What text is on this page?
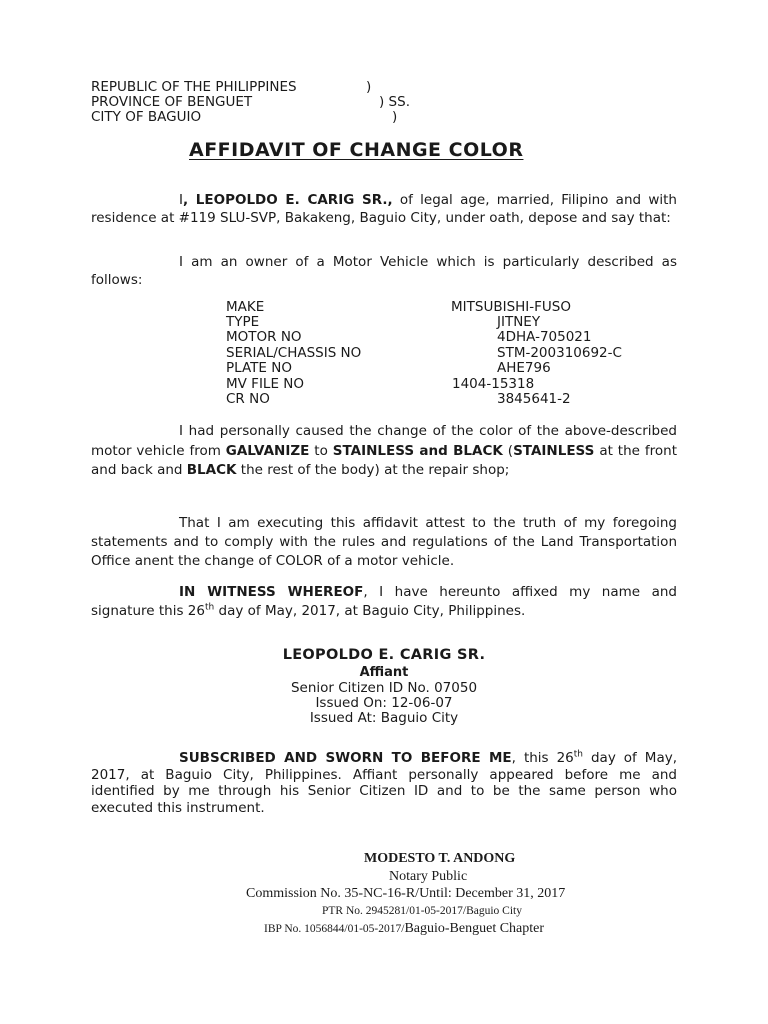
REPUBLIC OF THE PHILIPPINES	)
PROVINCE OF BENGUET	) SS.
CITY OF BAGUIO	)
AFFIDAVIT OF CHANGE COLOR
I, LEOPOLDO E. CARIG SR., of legal age, married, Filipino and with residence at #119 SLU-SVP, Bakakeng, Baguio City, under oath, depose and say that:
I am an owner of a Motor Vehicle which is particularly described as follows:
MAKE	MITSUBISHI-FUSO
TYPE	JITNEY
MOTOR NO	4DHA-705021
SERIAL/CHASSIS NO	STM-200310692-C
PLATE NO	AHE796
MV FILE NO	1404-15318
CR NO	3845641-2
I had personally caused the change of the color of the above-described motor vehicle from GALVANIZE to STAINLESS and BLACK (STAINLESS at the front and back and BLACK the rest of the body) at the repair shop;
That I am executing this affidavit attest to the truth of my foregoing statements and to comply with the rules and regulations of the Land Transportation Office anent the change of COLOR of a motor vehicle.
IN WITNESS WHEREOF, I have hereunto affixed my name and signature this 26th day of May, 2017, at Baguio City, Philippines.
LEOPOLDO E. CARIG SR.
Affiant
Senior Citizen ID No. 07050
Issued On: 12-06-07
Issued At: Baguio City
SUBSCRIBED AND SWORN TO BEFORE ME, this 26th day of May, 2017, at Baguio City, Philippines. Affiant personally appeared before me and identified by me through his Senior Citizen ID and to be the same person who executed this instrument.
MODESTO T. ANDONG
Notary Public
Commission No. 35-NC-16-R/Until: December 31, 2017
PTR No. 2945281/01-05-2017/Baguio City
IBP No. 1056844/01-05-2017/Baguio-Benguet Chapter
